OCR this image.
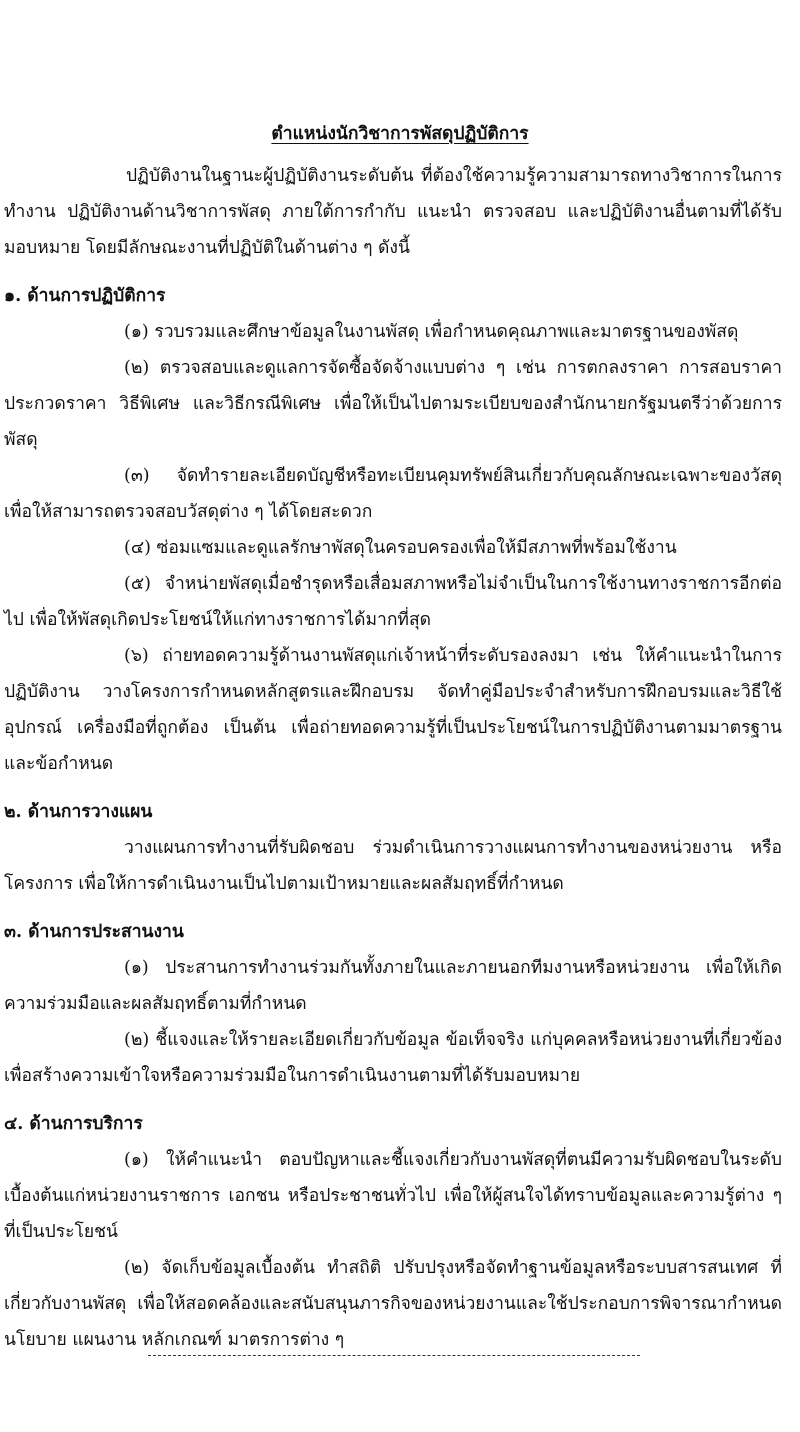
ตำแหน่งนักวิชาการพัสดุปฏิบัติการ

ปฏิบัติงานในฐานะผู้ปฏิบัติงานระดับต้น ที่ต้องใช้ความรู้ความสามารถทางวิชาการในการทำงาน ปฏิบัติงานด้านวิชาการพัสดุ ภายใต้การกำกับ แนะนำ ตรวจสอบ และปฏิบัติงานอื่นตามที่ได้รับมอบหมาย โดยมีลักษณะงานที่ปฏิบัติในด้านต่าง ๆ ดังนี้

๑. ด้านการปฏิบัติการ

(๑) รวบรวมและศึกษาข้อมูลในงานพัสดุ เพื่อกำหนดคุณภาพและมาตรฐานของพัสดุ

(๒) ตรวจสอบและดูแลการจัดซื้อจัดจ้างแบบต่าง ๆ เช่น การตกลงราคา การสอบราคา ประกวดราคา วิธีพิเศษ และวิธีกรณีพิเศษ เพื่อให้เป็นไปตามระเบียบของสำนักนายกรัฐมนตรีว่าด้วยการพัสดุ

(๓) จัดทำรายละเอียดบัญชีหรือทะเบียนคุมทรัพย์สินเกี่ยวกับคุณลักษณะเฉพาะของวัสดุ เพื่อให้สามารถตรวจสอบวัสดุต่าง ๆ ได้โดยสะดวก

(๔) ซ่อมแซมและดูแลรักษาพัสดุในครอบครองเพื่อให้มีสภาพที่พร้อมใช้งาน

(๕) จำหน่ายพัสดุเมื่อชำรุดหรือเสื่อมสภาพหรือไม่จำเป็นในการใช้งานทางราชการอีกต่อไป เพื่อให้พัสดุเกิดประโยชน์ให้แก่ทางราชการได้มากที่สุด

(๖) ถ่ายทอดความรู้ด้านงานพัสดุแก่เจ้าหน้าที่ระดับรองลงมา เช่น ให้คำแนะนำในการ ปฏิบัติงาน วางโครงการกำหนดหลักสูตรและฝึกอบรม จัดทำคู่มือประจำสำหรับการฝึกอบรมและวิธีใช้อุปกรณ์ เครื่องมือที่ถูกต้อง เป็นต้น เพื่อถ่ายทอดความรู้ที่เป็นประโยชน์ในการปฏิบัติงานตามมาตรฐานและข้อกำหนด

๒. ด้านการวางแผน

วางแผนการทำงานที่รับผิดชอบ ร่วมดำเนินการวางแผนการทำงานของหน่วยงาน หรือ โครงการ เพื่อให้การดำเนินงานเป็นไปตามเป้าหมายและผลสัมฤทธิ์ที่กำหนด

๓. ด้านการประสานงาน

(๑) ประสานการทำงานร่วมกันทั้งภายในและภายนอกทีมงานหรือหน่วยงาน เพื่อให้เกิด ความร่วมมือและผลสัมฤทธิ์ตามที่กำหนด

(๒) ชี้แจงและให้รายละเอียดเกี่ยวกับข้อมูล ข้อเท็จจริง แก่บุคคลหรือหน่วยงานที่เกี่ยวข้อง เพื่อสร้างความเข้าใจหรือความร่วมมือในการดำเนินงานตามที่ได้รับมอบหมาย

๔. ด้านการบริการ

(๑) ให้คำแนะนำ ตอบปัญหาและชี้แจงเกี่ยวกับงานพัสดุที่ตนมีความรับผิดชอบในระดับ เบื้องต้นแก่หน่วยงานราชการ เอกชน หรือประชาชนทั่วไป เพื่อให้ผู้สนใจได้ทราบข้อมูลและความรู้ต่าง ๆ ที่เป็นประโยชน์

(๒) จัดเก็บข้อมูลเบื้องต้น ทำสถิติ ปรับปรุงหรือจัดทำฐานข้อมูลหรือระบบสารสนเทศ ที่เกี่ยวกับงานพัสดุ เพื่อให้สอดคล้องและสนับสนุนภารกิจของหน่วยงานและใช้ประกอบการพิจารณากำหนด นโยบาย แผนงาน หลักเกณฑ์ มาตรการต่าง ๆ
